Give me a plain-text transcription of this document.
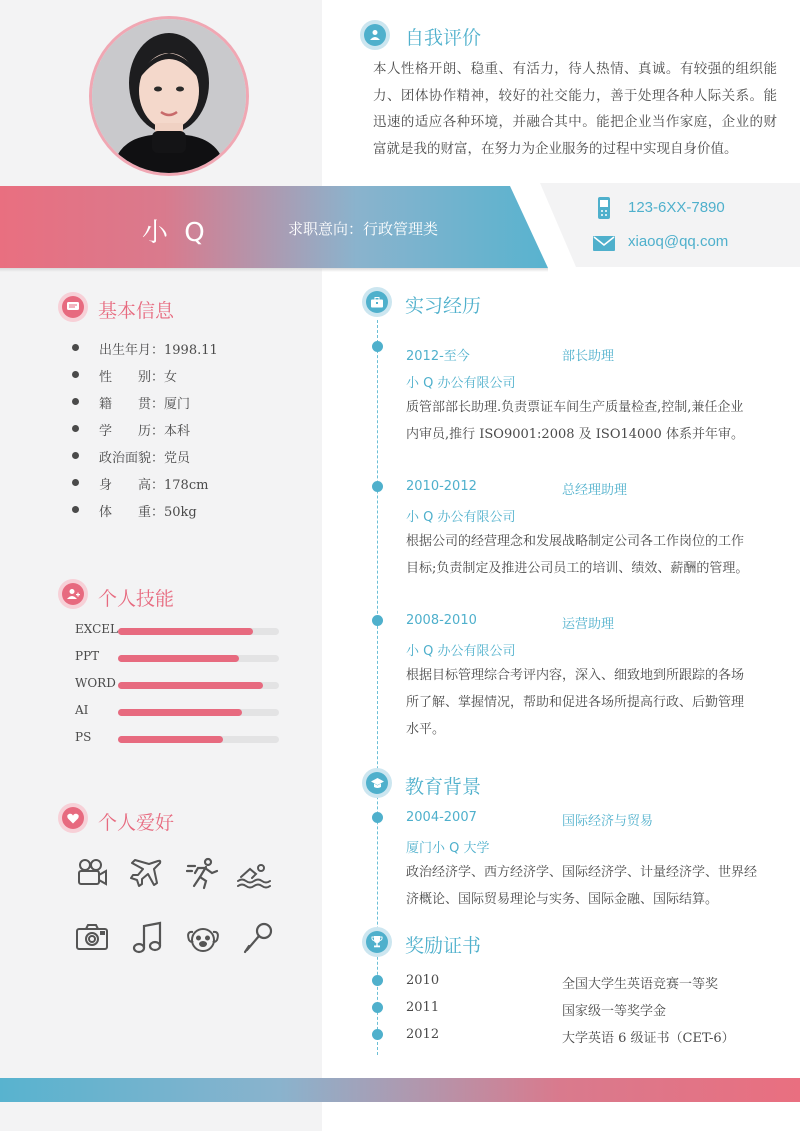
自我评价
本人性格开朗、稳重、有活力，待人热情、真诚。有较强的组织能力、团体协作精神，较好的社交能力，善于处理各种人际关系。能迅速的适应各种环境，并融合其中。能把企业当作家庭，企业的财富就是我的财富，在努力为企业服务的过程中实现自身价值。
小 Q	求职意向：行政管理类
123-6XX-7890
xiaoq@qq.com
基本信息
出生年月：1998.11
性　　别：女
籍　　贯：厦门
学　　历：本科
政治面貌：党员
身　　高：178cm
体　　重：50kg
个人技能
EXCEL
PPT
WORD
AI
PS
个人爱好
实习经历
2012-至今	部长助理
小 Q 办公有限公司
质管部部长助理.负责票证车间生产质量检查,控制,兼任企业内审员,推行 ISO9001:2008 及 ISO14000 体系并年审。
2010-2012	总经理助理
小 Q 办公有限公司
根据公司的经营理念和发展战略制定公司各工作岗位的工作目标;负责制定及推进公司员工的培训、绩效、薪酬的管理。
2008-2010	运营助理
小 Q 办公有限公司
根据目标管理综合考评内容，深入、细致地到所跟踪的各场所了解、掌握情况，帮助和促进各场所提高行政、后勤管理水平。
教育背景
2004-2007	国际经济与贸易
厦门小 Q 大学
政治经济学、西方经济学、国际经济学、计量经济学、世界经济概论、国际贸易理论与实务、国际金融、国际结算。
奖励证书
2010	全国大学生英语竞赛一等奖
2011	国家级一等奖学金
2012	大学英语 6 级证书（CET-6）
